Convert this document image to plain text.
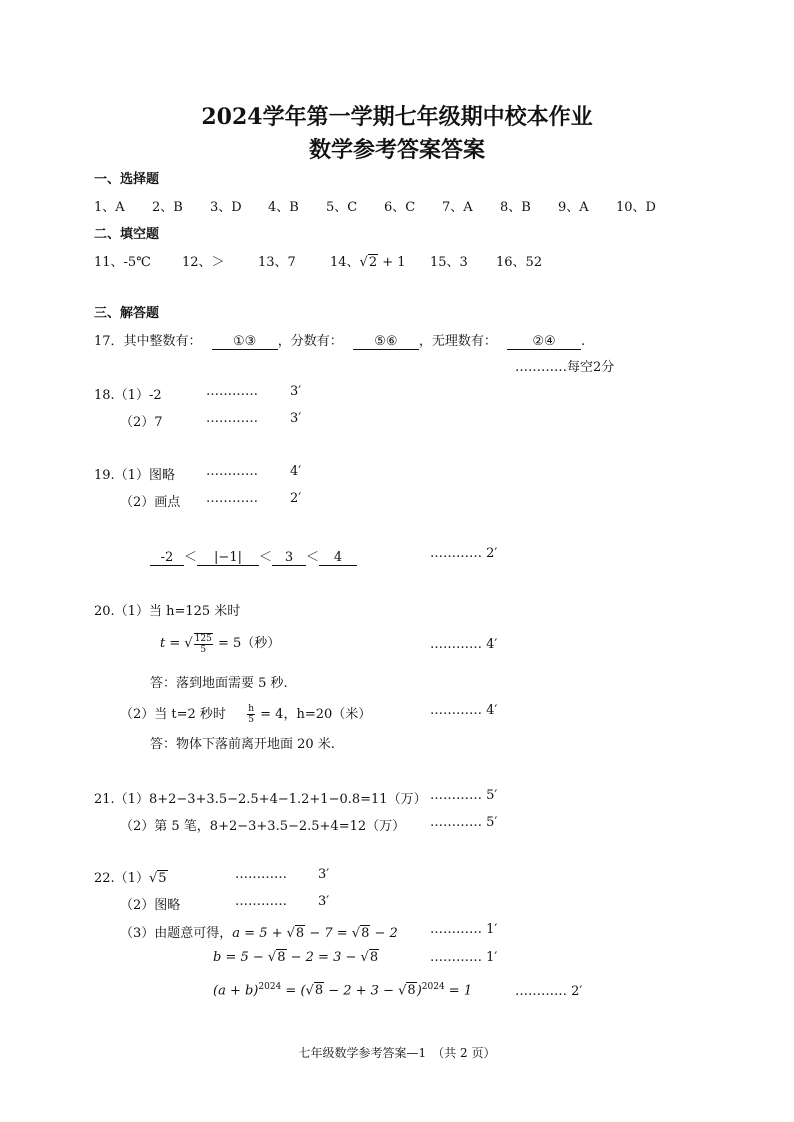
2024学年第一学期七年级期中校本作业
数学参考答案答案
一、选择题
1、A 2、B 3、D 4、B 5、C 6、C 7、A 8、B 9、A 10、D
二、填空题
11、-5℃ 12、＞	13、7	14、√2 + 1 15、3 16、52
三、解答题
17．其中整数有： ①③ ，分数有： ⑤⑥ ，无理数有：	②④ .
…………每空2分
18.（1）-2	………… 3′
（2）7	………… 3′
19.（1）图略 ………… 4′
（2）画点 ………… 2′
-2 ＜ |−1| ＜ 3 ＜ 4	………… 2′
20.（1）当 h=125 米时
t = √ $\frac{125}{5} = 5$（秒）	………… 4′
答：落到地面需要 5 秒.
（2）当 t=2 秒时 $\frac{h}{5} = 4$，h=20（米）	………… 4′
答：物体下落前离开地面 20 米.
21.（1）8+2−3+3.5−2.5+4−1.2+1−0.8=11（万） ………… 5′
（2）第 5 笔，8+2−3+3.5−2.5+4=12（万） ………… 5′
22.（1）√5	………… 3′
（2）图略	………… 3′
（3）由题意可得，a = 5 + √8 − 7 = √8 − 2 ………… 1′
b = 5 − √8 − 2 = 3 − √8	………… 1′
$(a + b)^{2024} = (√8 - 2 + 3 - √8)^{2024} = 1$	………… 2′
七年级数学参考答案—1　（共 2 页）
